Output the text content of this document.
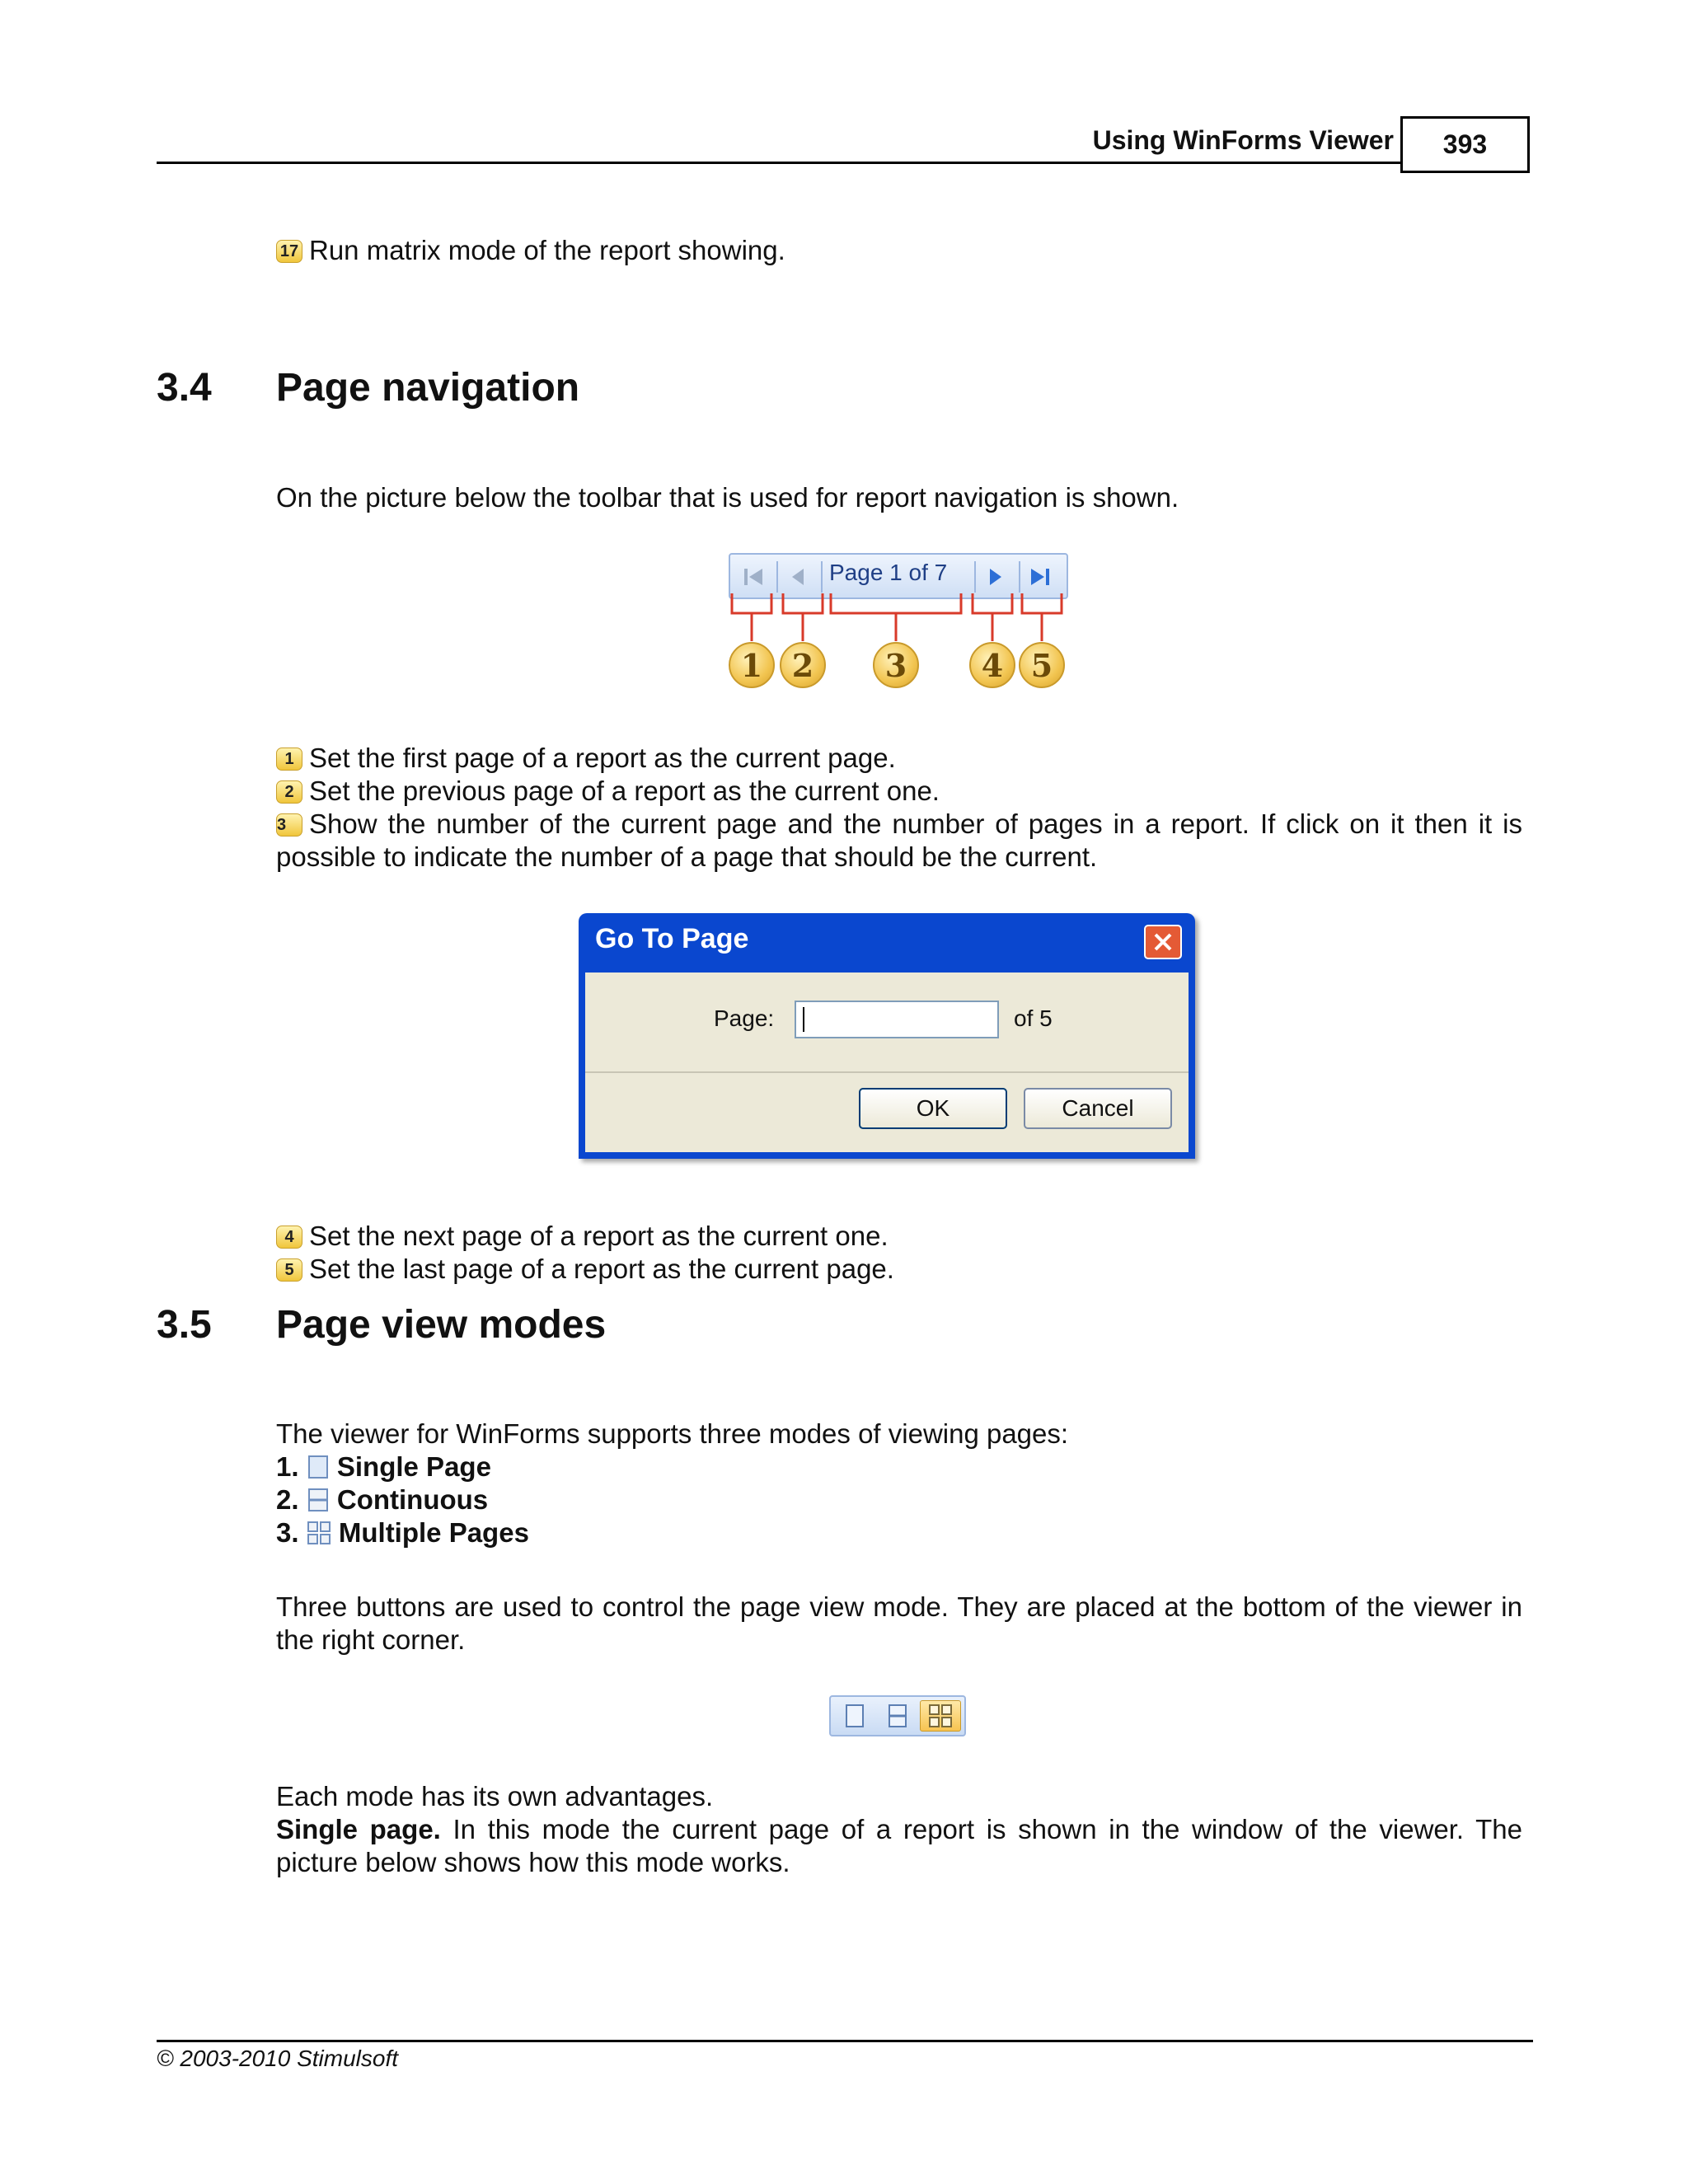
Using WinForms Viewer	393
17 Run matrix mode of the report showing.
3.4 Page navigation
On the picture below the toolbar that is used for report navigation is shown.
Page 1 of 7
1 2	3	4 5
1 Set the first page of a report as the current page.
2 Set the previous page of a report as the current one.
3 Show the number of the current page and the number of pages in a report. If click on it then it is possible to indicate the number of a page that should be the current.
Go To Page
Page:	of 5
OK	Cancel
4 Set the next page of a report as the current one.
5 Set the last page of a report as the current page.
3.5 Page view modes
The viewer for WinForms supports three modes of viewing pages:
1. Single Page
2. Continuous
3. Multiple Pages
Three buttons are used to control the page view mode. They are placed at the bottom of the viewer in the right corner.
Each mode has its own advantages.
Single page. In this mode the current page of a report is shown in the window of the viewer. The picture below shows how this mode works.
© 2003-2010 Stimulsoft
